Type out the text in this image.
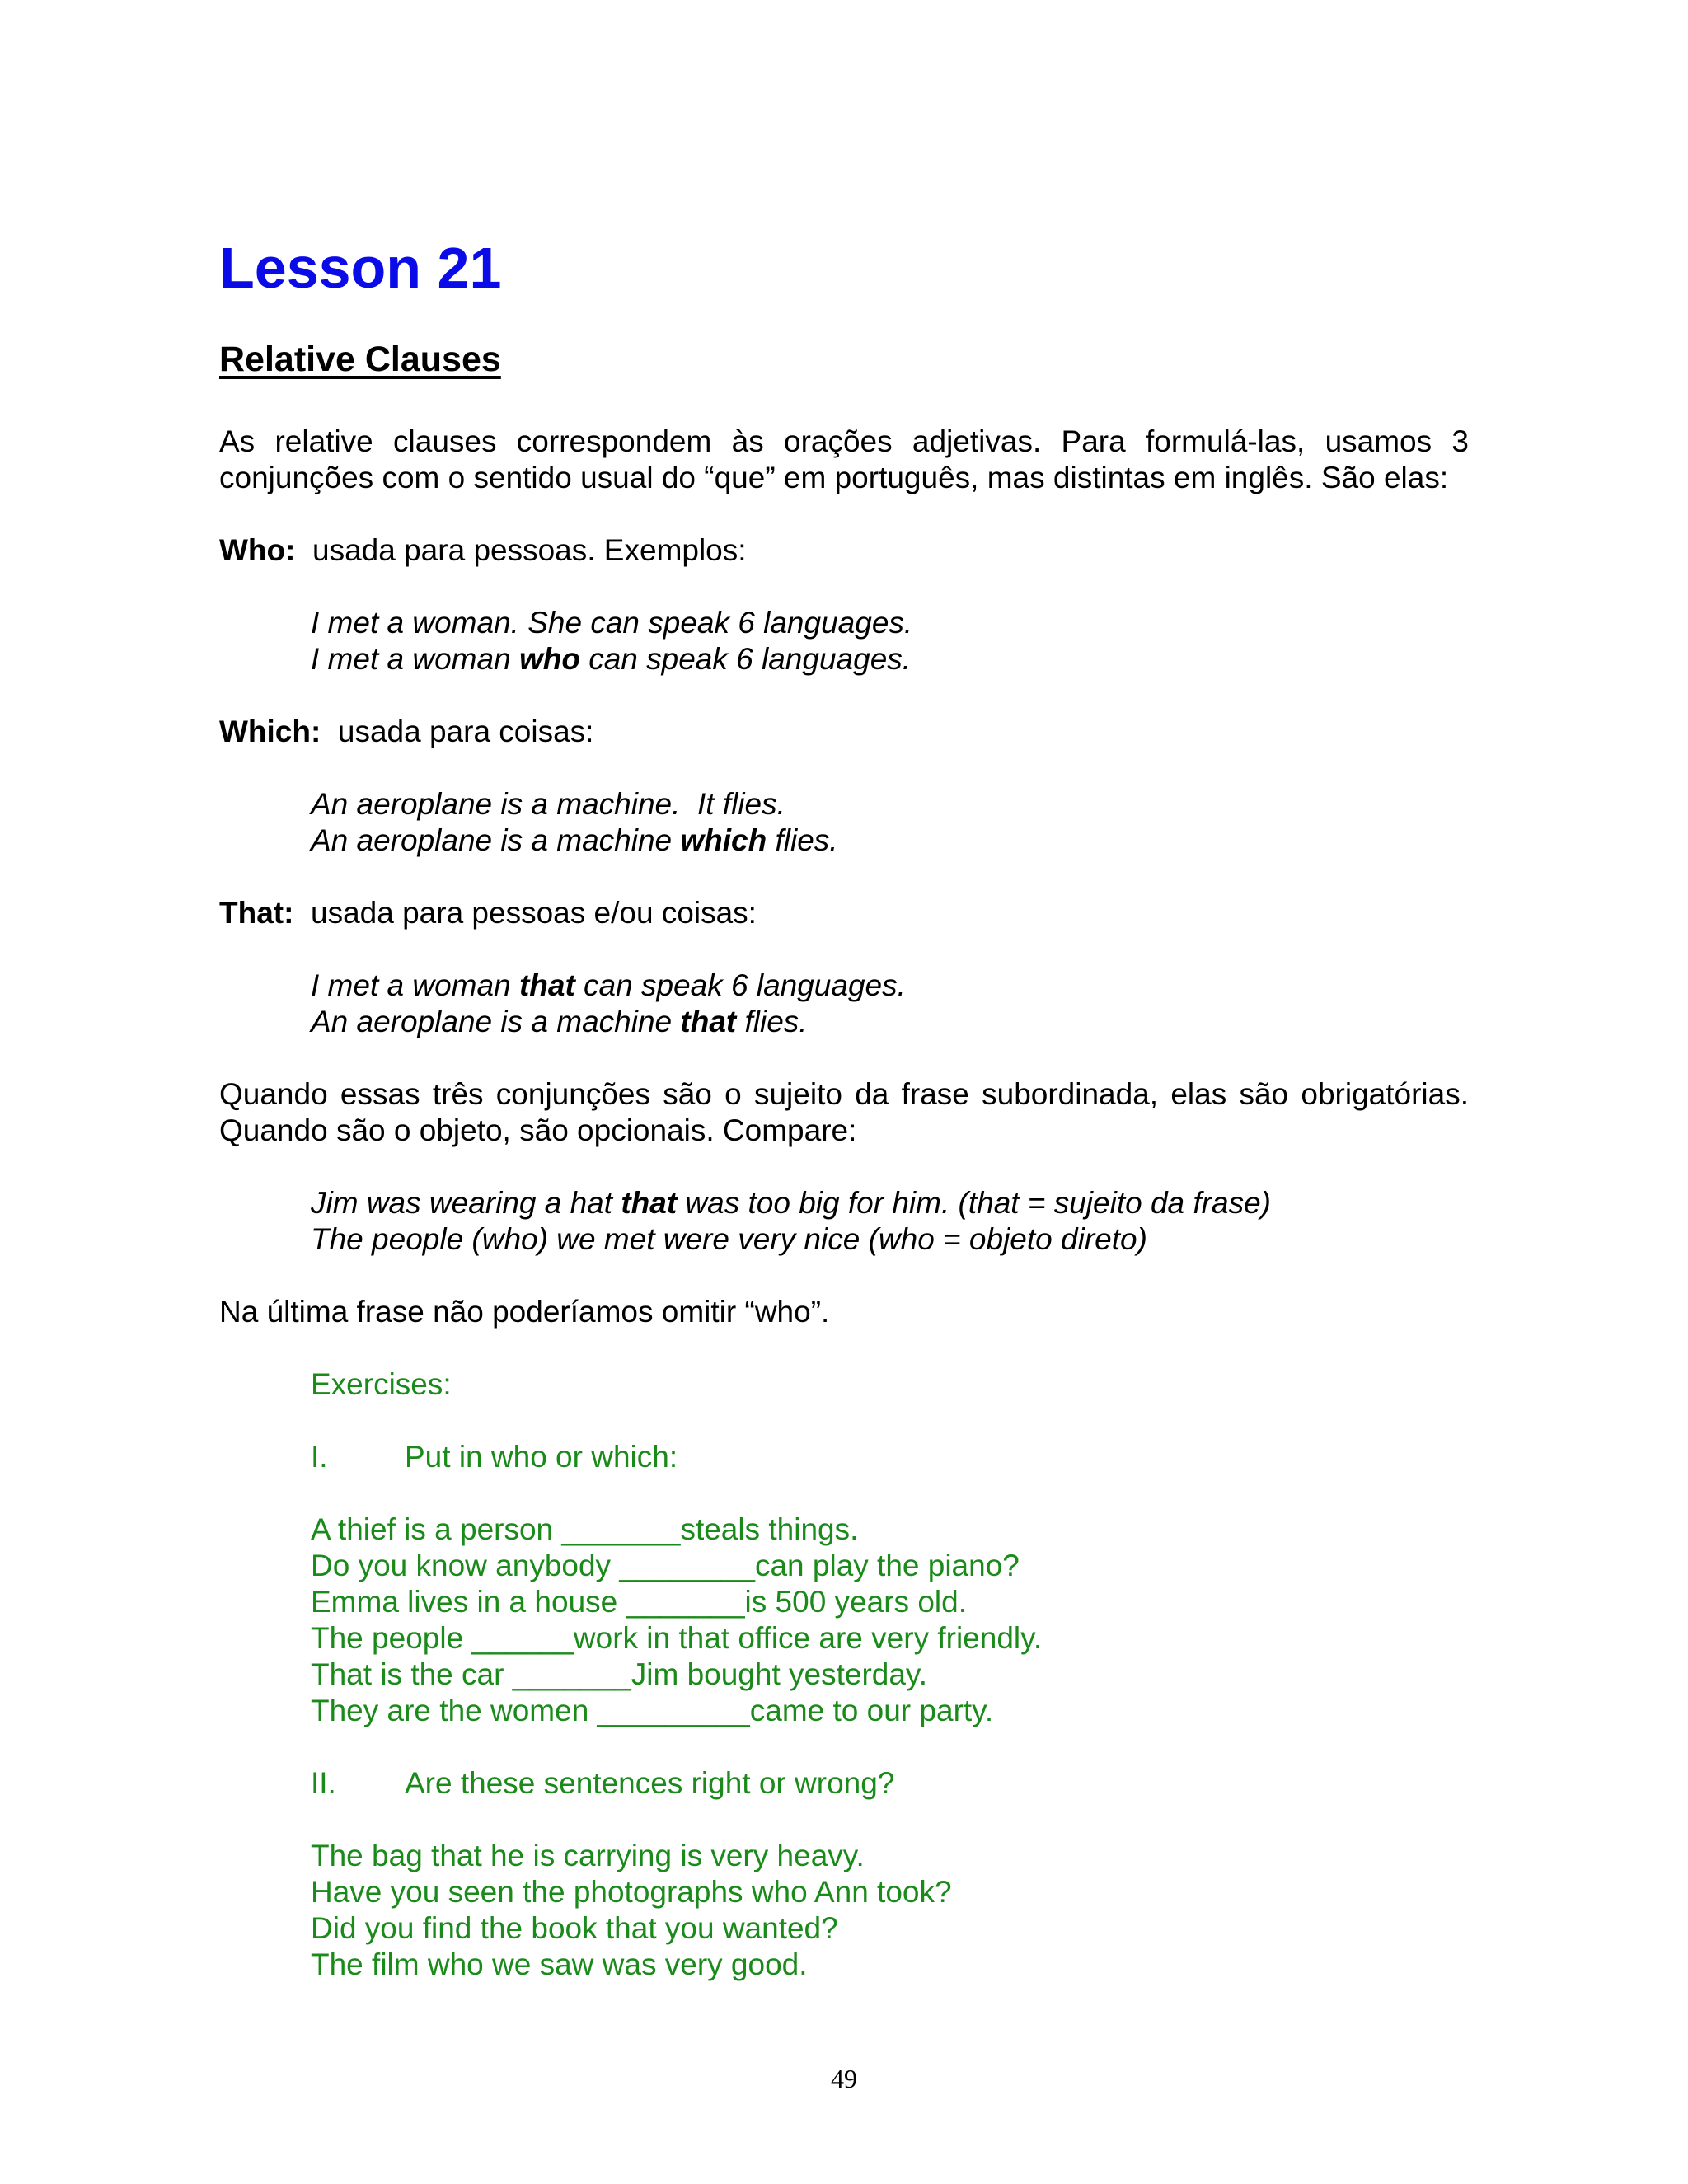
Lesson 21
Relative Clauses

As relative clauses correspondem às orações adjetivas. Para formulá-las, usamos 3 conjunções com o sentido usual do “que” em português, mas distintas em inglês. São elas:

Who: usada para pessoas. Exemplos:

I met a woman. She can speak 6 languages.
I met a woman who can speak 6 languages.

Which: usada para coisas:

An aeroplane is a machine.  It flies.
An aeroplane is a machine which flies.

That: usada para pessoas e/ou coisas:

I met a woman that can speak 6 languages.
An aeroplane is a machine that flies.

Quando essas três conjunções são o sujeito da frase subordinada, elas são obrigatórias. Quando são o objeto, são opcionais. Compare:

Jim was wearing a hat that was too big for him. (that = sujeito da frase)
The people (who) we met were very nice (who = objeto direto)

Na última frase não poderíamos omitir “who”.

Exercises:
I.	Put in who or which:
A thief is a person _______steals things.
Do you know anybody ________can play the piano?
Emma lives in a house _______is 500 years old.
The people ______work in that office are very friendly.
That is the car _______Jim bought yesterday.
They are the women _________came to our party.
II.	Are these sentences right or wrong?
The bag that he is carrying is very heavy.
Have you seen the photographs who Ann took?
Did you find the book that you wanted?
The film who we saw was very good.
49
